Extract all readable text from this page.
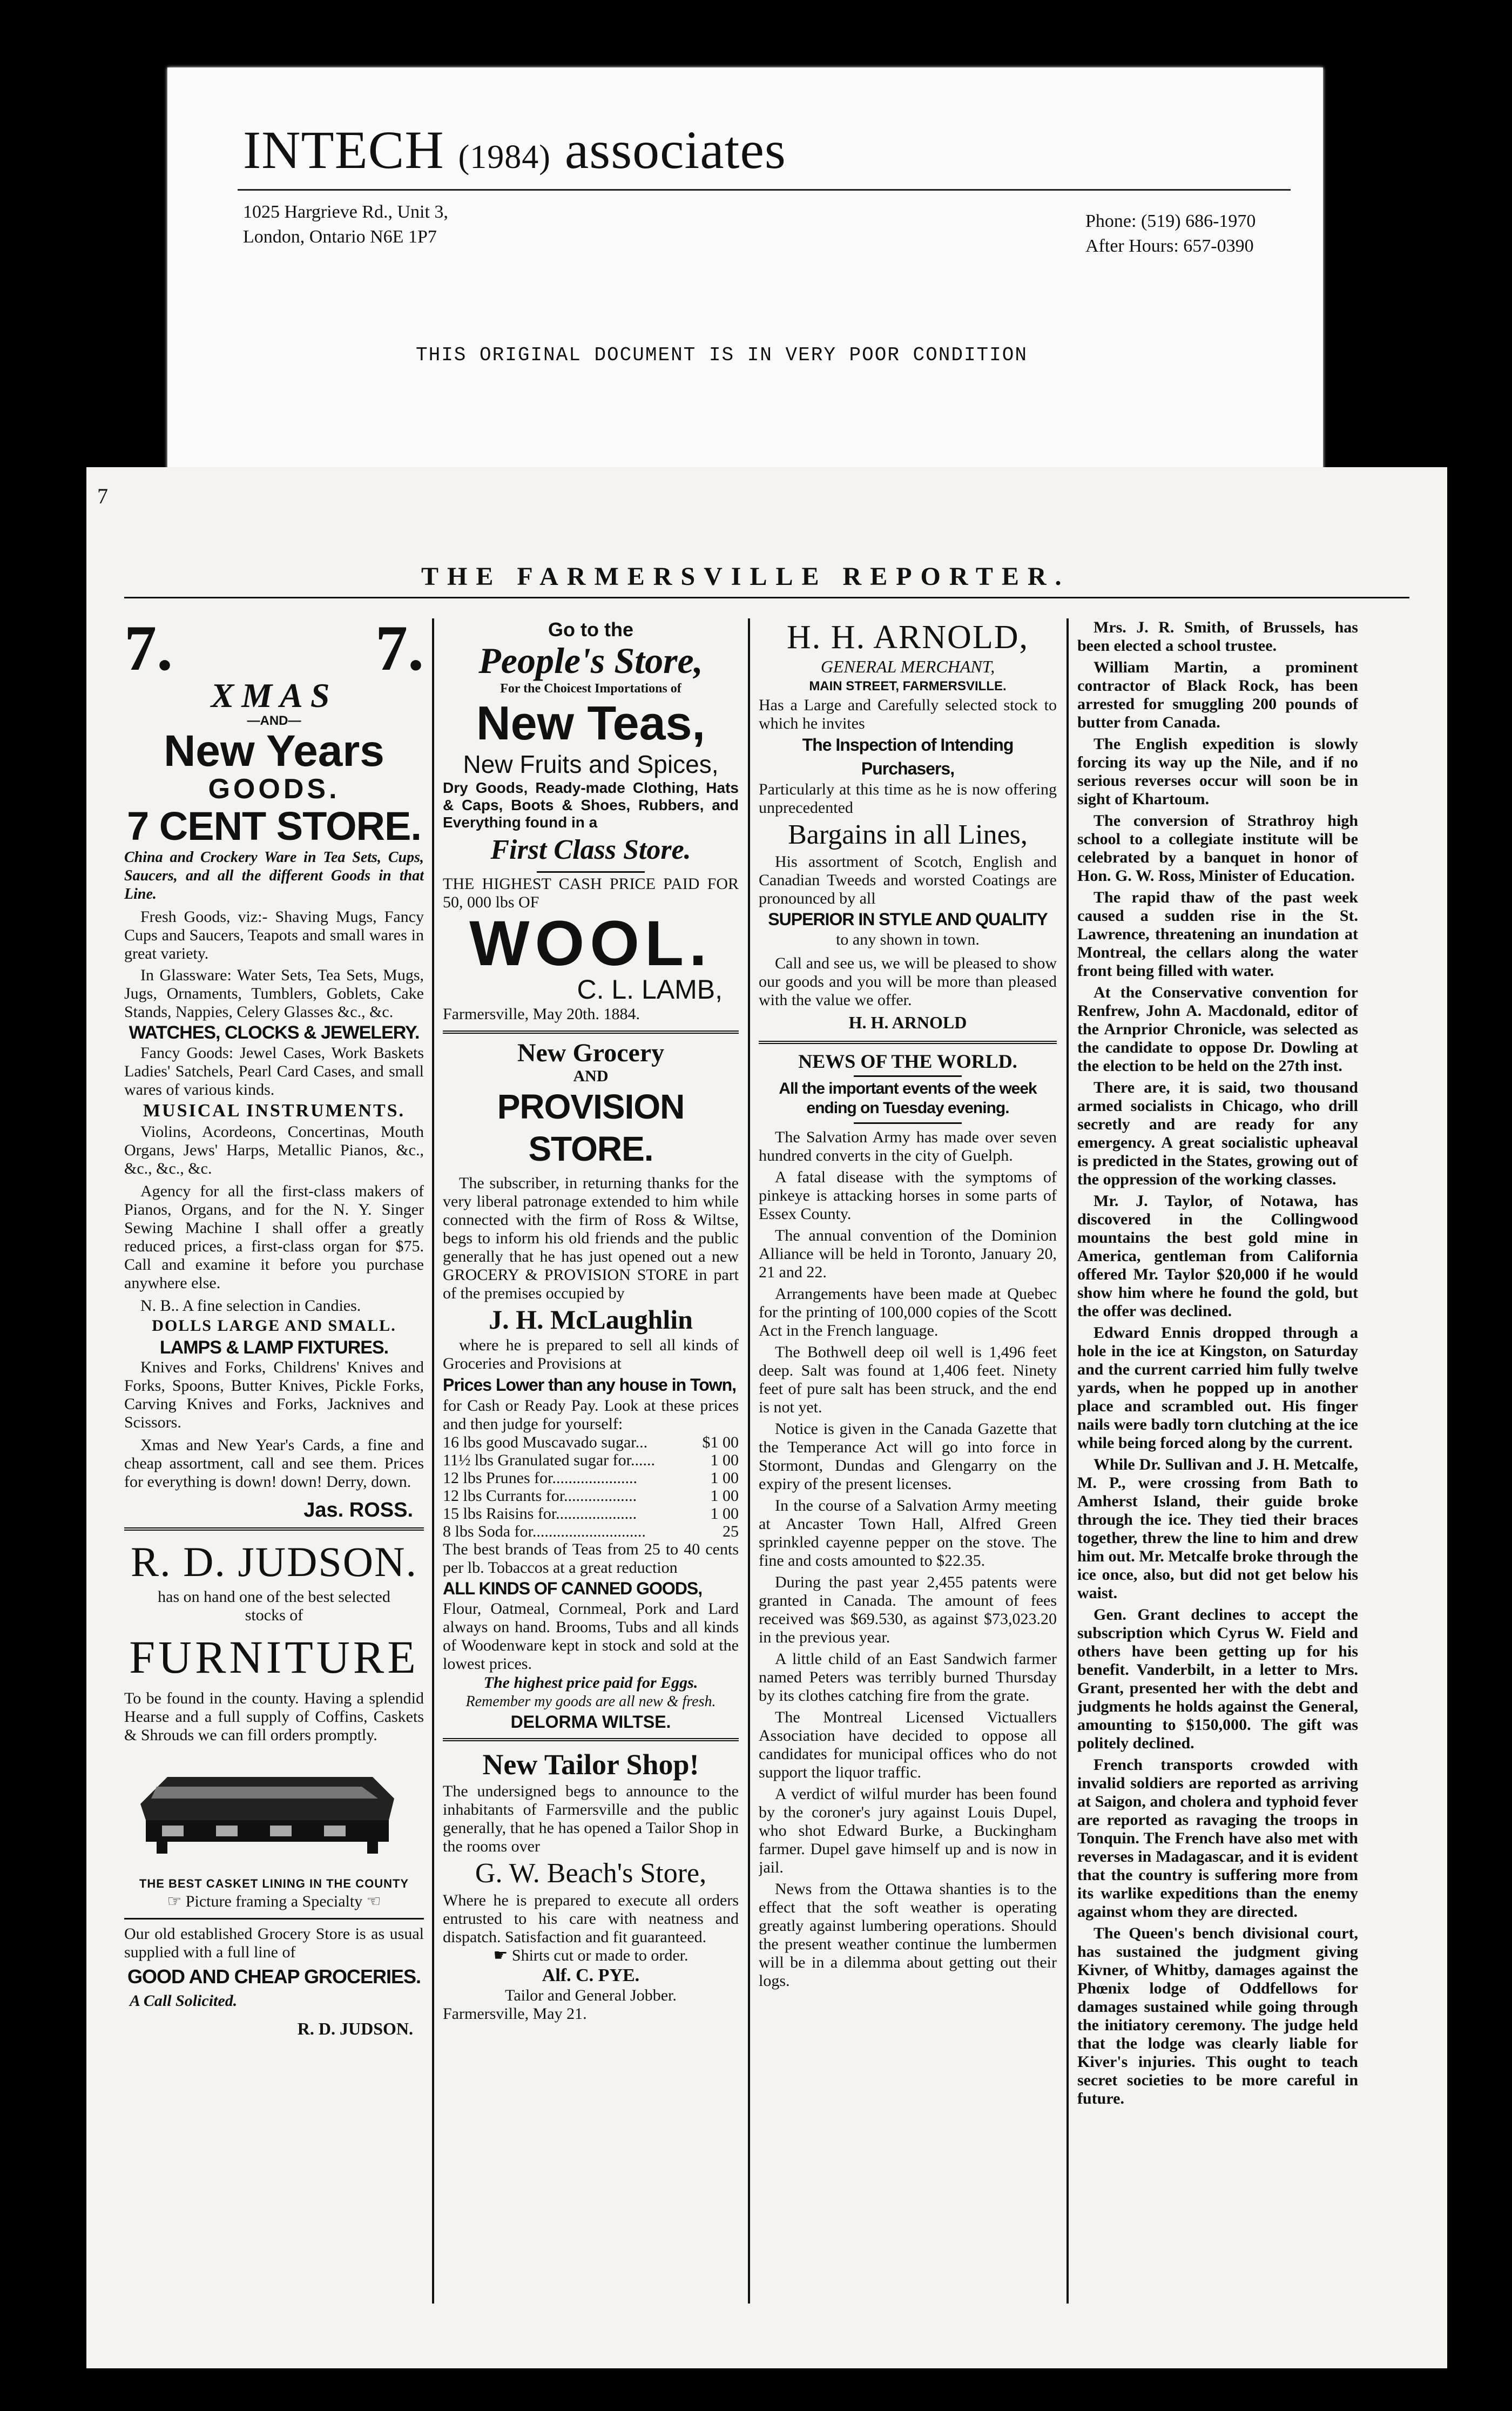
INTECH (1984) associates
1025 Hargrieve Rd., Unit 3,
London, Ontario N6E 1P7
Phone: (519) 686-1970
After Hours: 657-0390
THIS ORIGINAL DOCUMENT IS IN VERY POOR CONDITION
7
THE FARMERSVILLE REPORTER.
7.	7.
XMAS
—AND—
New Years
GOODS.
7 CENT STORE.

China and Crockery Ware in Tea Sets, Cups, Saucers, and all the different Goods in that Line.

Fresh Goods, viz:- Shaving Mugs, Fancy Cups and Saucers, Teapots and small wares in great variety.

In Glassware: Water Sets, Tea Sets, Mugs, Jugs, Ornaments, Tumblers, Goblets, Cake Stands, Nappies, Celery Glasses &c., &c.

WATCHES, CLOCKS & JEWELERY.

Fancy Goods: Jewel Cases, Work Baskets Ladies' Satchels, Pearl Card Cases, and small wares of various kinds.

MUSICAL INSTRUMENTS.

Violins, Acordeons, Concertinas, Mouth Organs, Jews' Harps, Metallic Pianos, &c., &c., &c., &c.

Agency for all the first-class makers of Pianos, Organs, and for the N. Y. Singer Sewing Machine I shall offer a greatly reduced prices, a first-class organ for $75. Call and examine it before you purchase anywhere else.

N. B.. A fine selection in Candies.

DOLLS LARGE AND SMALL.
LAMPS & LAMP FIXTURES.

Knives and Forks, Childrens' Knives and Forks, Spoons, Butter Knives, Pickle Forks, Carving Knives and Forks, Jacknives and Scissors.

Xmas and New Year's Cards, a fine and cheap assortment, call and see them. Prices for everything is down! down! Derry, down.

Jas. ROSS.
R. D. JUDSON.
has on hand one of the best selected
stocks of
FURNITURE

To be found in the county. Having a splendid Hearse and a full supply of Coffins, Caskets & Shrouds we can fill orders promptly.

THE BEST CASKET LINING IN THE COUNTY
☞ Picture framing a Specialty ☜

Our old established Grocery Store is as usual supplied with a full line of

GOOD AND CHEAP GROCERIES.
A Call Solicited.
R. D. JUDSON.
Go to the
People's Store,
For the Choicest Importations of
New Teas,
New Fruits and Spices,

Dry Goods, Ready-made Clothing, Hats & Caps, Boots & Shoes, Rubbers, and Everything found in a

First Class Store.

THE HIGHEST CASH PRICE PAID FOR 50, 000 lbs OF

WOOL.
C. L. LAMB,
Farmersville, May 20th. 1884.
New Grocery
AND
PROVISION STORE.

The subscriber, in returning thanks for the very liberal patronage extended to him while connected with the firm of Ross & Wiltse, begs to inform his old friends and the public generally that he has just opened out a new GROCERY & PROVISION STORE in part of the premises occupied by

J. H. McLaughlin

where he is prepared to sell all kinds of Groceries and Provisions at

Prices Lower than any house in Town,

for Cash or Ready Pay. Look at these prices and then judge for yourself:

16 lbs good Muscavado sugar...	$1 00
11½ lbs Granulated sugar for......	1 00
12 lbs Prunes for.....................	1 00
12 lbs Currants for..................	1 00
15 lbs Raisins for....................	1 00
8 lbs Soda for............................	25

The best brands of Teas from 25 to 40 cents per lb. Tobaccos at a great reduction

ALL KINDS OF CANNED GOODS,

Flour, Oatmeal, Cornmeal, Pork and Lard always on hand. Brooms, Tubs and all kinds of Woodenware kept in stock and sold at the lowest prices.

The highest price paid for Eggs.
Remember my goods are all new & fresh.
DELORMA WILTSE.
New Tailor Shop!

The undersigned begs to announce to the inhabitants of Farmersville and the public generally, that he has opened a Tailor Shop in the rooms over

G. W. Beach's Store,

Where he is prepared to execute all orders entrusted to his care with neatness and dispatch. Satisfaction and fit guaranteed.

☛ Shirts cut or made to order.
Alf. C. PYE.
Tailor and General Jobber.
Farmersville, May 21.
H. H. ARNOLD,
GENERAL MERCHANT,
MAIN STREET, FARMERSVILLE.

Has a Large and Carefully selected stock to which he invites

The Inspection of Intending Purchasers,

Particularly at this time as he is now offering unprecedented

Bargains in all Lines,

His assortment of Scotch, English and Canadian Tweeds and worsted Coatings are pronounced by all

SUPERIOR IN STYLE AND QUALITY
to any shown in town.

Call and see us, we will be pleased to show our goods and you will be more than pleased with the value we offer.

H. H. ARNOLD
NEWS OF THE WORLD.
All the important events of the week ending on Tuesday evening.

The Salvation Army has made over seven hundred converts in the city of Guelph.

A fatal disease with the symptoms of pinkeye is attacking horses in some parts of Essex County.

The annual convention of the Dominion Alliance will be held in Toronto, January 20, 21 and 22.

Arrangements have been made at Quebec for the printing of 100,000 copies of the Scott Act in the French language.

The Bothwell deep oil well is 1,496 feet deep. Salt was found at 1,406 feet. Ninety feet of pure salt has been struck, and the end is not yet.

Notice is given in the Canada Gazette that the Temperance Act will go into force in Stormont, Dundas and Glengarry on the expiry of the present licenses.

In the course of a Salvation Army meeting at Ancaster Town Hall, Alfred Green sprinkled cayenne pepper on the stove. The fine and costs amounted to $22.35.

During the past year 2,455 patents were granted in Canada. The amount of fees received was $69.530, as against $73,023.20 in the previous year.

A little child of an East Sandwich farmer named Peters was terribly burned Thursday by its clothes catching fire from the grate.

The Montreal Licensed Victuallers Association have decided to oppose all candidates for municipal offices who do not support the liquor traffic.

A verdict of wilful murder has been found by the coroner's jury against Louis Dupel, who shot Edward Burke, a Buckingham farmer. Dupel gave himself up and is now in jail.

News from the Ottawa shanties is to the effect that the soft weather is operating greatly against lumbering operations. Should the present weather continue the lumbermen will be in a dilemma about getting out their logs.

Mrs. J. R. Smith, of Brussels, has been elected a school trustee.

William Martin, a prominent contractor of Black Rock, has been arrested for smuggling 200 pounds of butter from Canada.

The English expedition is slowly forcing its way up the Nile, and if no serious reverses occur will soon be in sight of Khartoum.

The conversion of Strathroy high school to a collegiate institute will be celebrated by a banquet in honor of Hon. G. W. Ross, Minister of Education.

The rapid thaw of the past week caused a sudden rise in the St. Lawrence, threatening an inundation at Montreal, the cellars along the water front being filled with water.

At the Conservative convention for Renfrew, John A. Macdonald, editor of the Arnprior Chronicle, was selected as the candidate to oppose Dr. Dowling at the election to be held on the 27th inst.

There are, it is said, two thousand armed socialists in Chicago, who drill secretly and are ready for any emergency. A great socialistic upheaval is predicted in the States, growing out of the oppression of the working classes.

Mr. J. Taylor, of Notawa, has discovered in the Collingwood mountains the best gold mine in America, gentleman from California offered Mr. Taylor $20,000 if he would show him where he found the gold, but the offer was declined.

Edward Ennis dropped through a hole in the ice at Kingston, on Saturday and the current carried him fully twelve yards, when he popped up in another place and scrambled out. His finger nails were badly torn clutching at the ice while being forced along by the current.

While Dr. Sullivan and J. H. Metcalfe, M. P., were crossing from Bath to Amherst Island, their guide broke through the ice. They tied their braces together, threw the line to him and drew him out. Mr. Metcalfe broke through the ice once, also, but did not get below his waist.

Gen. Grant declines to accept the subscription which Cyrus W. Field and others have been getting up for his benefit. Vanderbilt, in a letter to Mrs. Grant, presented her with the debt and judgments he holds against the General, amounting to $150,000. The gift was politely declined.

French transports crowded with invalid soldiers are reported as arriving at Saigon, and cholera and typhoid fever are reported as ravaging the troops in Tonquin. The French have also met with reverses in Madagascar, and it is evident that the country is suffering more from its warlike expeditions than the enemy against whom they are directed.

The Queen's bench divisional court, has sustained the judgment giving Kivner, of Whitby, damages against the Phœnix lodge of Oddfellows for damages sustained while going through the initiatory ceremony. The judge held that the lodge was clearly liable for Kiver's injuries. This ought to teach secret societies to be more careful in future.
